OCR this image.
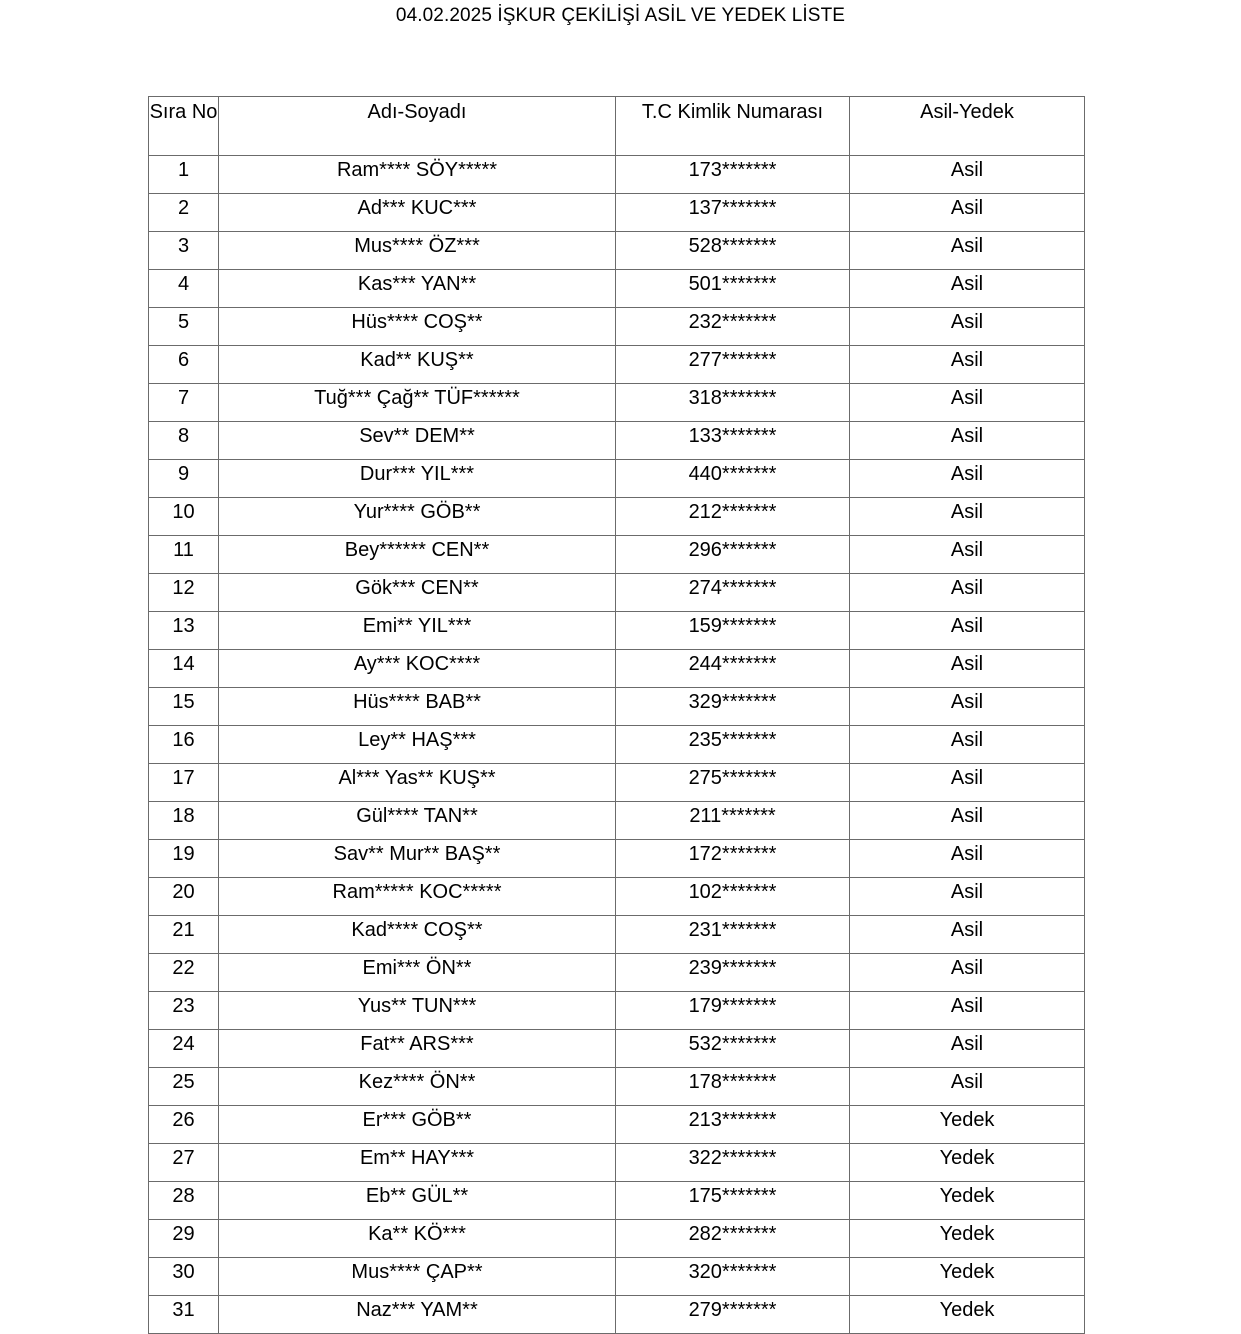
04.02.2025 İŞKUR ÇEKİLİŞİ ASİL VE YEDEK LİSTE
Sıra No	Adı-Soyadı	T.C Kimlik Numarası	Asil-Yedek
1	Ram**** SÖY*****	173*******	Asil
2	Ad*** KUC***	137*******	Asil
3	Mus**** ÖZ***	528*******	Asil
4	Kas*** YAN**	501*******	Asil
5	Hüs**** COŞ**	232*******	Asil
6	Kad** KUŞ**	277*******	Asil
7	Tuğ*** Çağ** TÜF******	318*******	Asil
8	Sev** DEM**	133*******	Asil
9	Dur*** YIL***	440*******	Asil
10	Yur**** GÖB**	212*******	Asil
11	Bey****** CEN**	296*******	Asil
12	Gök*** CEN**	274*******	Asil
13	Emi** YIL***	159*******	Asil
14	Ay*** KOC****	244*******	Asil
15	Hüs**** BAB**	329*******	Asil
16	Ley** HAŞ***	235*******	Asil
17	Al*** Yas** KUŞ**	275*******	Asil
18	Gül**** TAN**	211*******	Asil
19	Sav** Mur** BAŞ**	172*******	Asil
20	Ram***** KOC*****	102*******	Asil
21	Kad**** COŞ**	231*******	Asil
22	Emi*** ÖN**	239*******	Asil
23	Yus** TUN***	179*******	Asil
24	Fat** ARS***	532*******	Asil
25	Kez**** ÖN**	178*******	Asil
26	Er*** GÖB**	213*******	Yedek
27	Em** HAY***	322*******	Yedek
28	Eb** GÜL**	175*******	Yedek
29	Ka** KÖ***	282*******	Yedek
30	Mus**** ÇAP**	320*******	Yedek
31	Naz*** YAM**	279*******	Yedek
